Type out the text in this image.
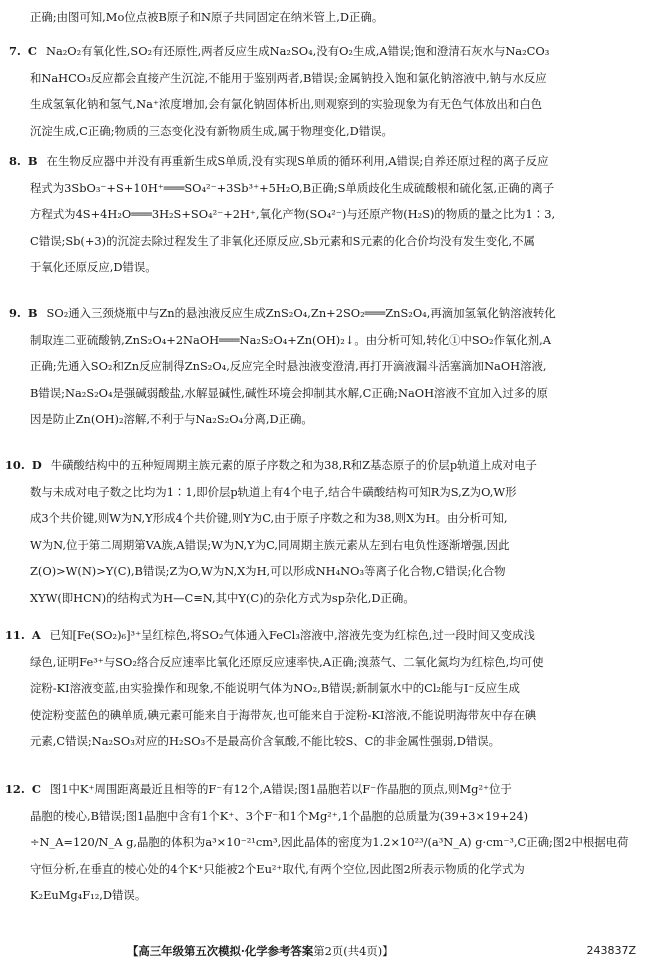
正确;由图可知,Mo位点被B原子和N原子共同固定在纳米管上,D正确。

7. C Na₂O₂有氧化性,SO₂有还原性,两者反应生成Na₂SO₄,没有O₂生成,A错误;饱和澄清石灰水与Na₂CO₃
和NaHCO₃反应都会直接产生沉淀,不能用于鉴别两者,B错误;金属钠投入饱和氯化钠溶液中,钠与水反应
生成氢氧化钠和氢气,Na⁺浓度增加,会有氯化钠固体析出,则观察到的实验现象为有无色气体放出和白色
沉淀生成,C正确;物质的三态变化没有新物质生成,属于物理变化,D错误。
8. B 在生物反应器中并没有再重新生成S单质,没有实现S单质的循环利用,A错误;自养还原过程的离子反应
程式为3SbO₃⁻+S+10H⁺═══SO₄²⁻+3Sb³⁺+5H₂O,B正确;S单质歧化生成硫酸根和硫化氢,正确的离子
方程式为4S+4H₂O═══3H₂S+SO₄²⁻+2H⁺,氧化产物(SO₄²⁻)与还原产物(H₂S)的物质的量之比为1∶3,
C错误;Sb(+3)的沉淀去除过程发生了非氧化还原反应,Sb元素和S元素的化合价均没有发生变化,不属
于氧化还原反应,D错误。
9. B SO₂通入三颈烧瓶中与Zn的悬浊液反应生成ZnS₂O₄,Zn+2SO₂═══ZnS₂O₄,再滴加氢氧化钠溶液转化
制取连二亚硫酸钠,ZnS₂O₄+2NaOH═══Na₂S₂O₄+Zn(OH)₂↓。由分析可知,转化①中SO₂作氧化剂,A
正确;先通入SO₂和Zn反应制得ZnS₂O₄,反应完全时悬浊液变澄清,再打开滴液漏斗活塞滴加NaOH溶液,
B错误;Na₂S₂O₄是强碱弱酸盐,水解显碱性,碱性环境会抑制其水解,C正确;NaOH溶液不宜加入过多的原
因是防止Zn(OH)₂溶解,不利于与Na₂S₂O₄分离,D正确。
10. D 牛磺酸结构中的五种短周期主族元素的原子序数之和为38,R和Z基态原子的价层p轨道上成对电子
数与未成对电子数之比均为1∶1,即价层p轨道上有4个电子,结合牛磺酸结构可知R为S,Z为O,W形
成3个共价键,则W为N,Y形成4个共价键,则Y为C,由于原子序数之和为38,则X为H。由分析可知,
W为N,位于第二周期第VA族,A错误;W为N,Y为C,同周期主族元素从左到右电负性逐渐增强,因此
Z(O)>W(N)>Y(C),B错误;Z为O,W为N,X为H,可以形成NH₄NO₃等离子化合物,C错误;化合物
XYW(即HCN)的结构式为H—C≡N,其中Y(C)的杂化方式为sp杂化,D正确。
11. A 已知[Fe(SO₂)₆]³⁺呈红棕色,将SO₂气体通入FeCl₃溶液中,溶液先变为红棕色,过一段时间又变成浅
绿色,证明Fe³⁺与SO₂络合反应速率比氧化还原反应速率快,A正确;溴蒸气、二氧化氮均为红棕色,均可使
淀粉-KI溶液变蓝,由实验操作和现象,不能说明气体为NO₂,B错误;新制氯水中的Cl₂能与I⁻反应生成
使淀粉变蓝色的碘单质,碘元素可能来自于海带灰,也可能来自于淀粉-KI溶液,不能说明海带灰中存在碘
元素,C错误;Na₂SO₃对应的H₂SO₃不是最高价含氧酸,不能比较S、C的非金属性强弱,D错误。
12. C 图1中K⁺周围距离最近且相等的F⁻有12个,A错误;图1晶胞若以F⁻作晶胞的顶点,则Mg²⁺位于
晶胞的棱心,B错误;图1晶胞中含有1个K⁺、3个F⁻和1个Mg²⁺,1个晶胞的总质量为(39+3×19+24)
÷N_A=120/N_A g,晶胞的体积为a³×10⁻²¹cm³,因此晶体的密度为1.2×10²³/(a³N_A) g·cm⁻³,C正确;图2中根据电荷
守恒分析,在垂直的棱心处的4个K⁺只能被2个Eu²⁺取代,有两个空位,因此图2所表示物质的化学式为
K₂EuMg₄F₁₂,D错误。
【高三年级第五次模拟·化学参考答案第2页(共4页)】	243837Z
